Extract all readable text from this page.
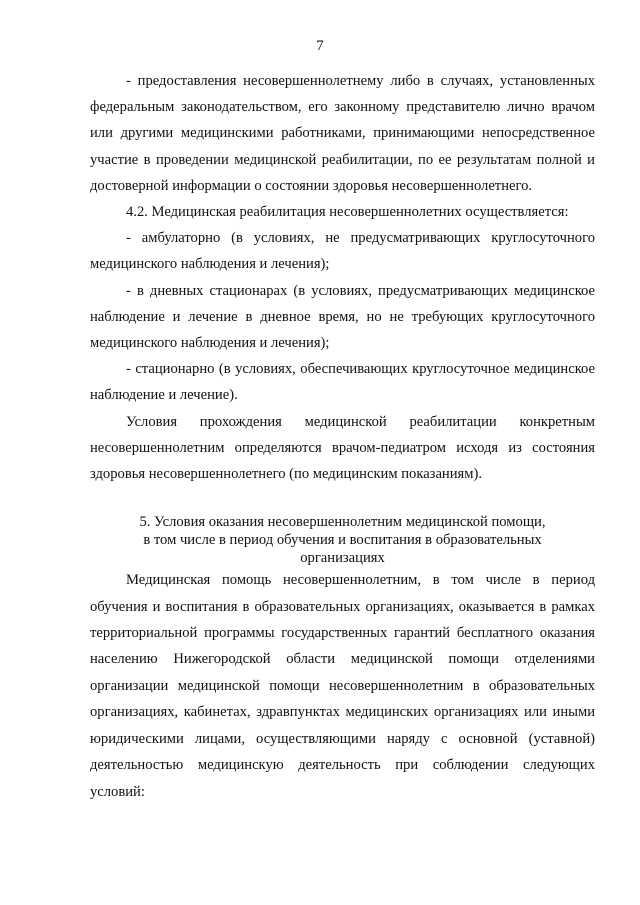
7

- предоставления несовершеннолетнему либо в случаях, установленных федеральным законодательством, его законному представителю лично врачом или другими медицинскими работниками, принимающими непосредственное участие в проведении медицинской реабилитации, по ее результатам полной и достоверной информации о состоянии здоровья несовершеннолетнего.

4.2. Медицинская реабилитация несовершеннолетних осуществляется:

- амбулаторно (в условиях, не предусматривающих круглосуточного медицинского наблюдения и лечения);

- в дневных стационарах (в условиях, предусматривающих медицинское наблюдение и лечение в дневное время, но не требующих круглосуточного медицинского наблюдения и лечения);

- стационарно (в условиях, обеспечивающих круглосуточное медицинское наблюдение и лечение).

Условия прохождения медицинской реабилитации конкретным несовершеннолетним определяются врачом-педиатром исходя из состояния здоровья несовершеннолетнего (по медицинским показаниям).

5. Условия оказания несовершеннолетним медицинской помощи,
в том числе в период обучения и воспитания в образовательных
организациях

Медицинская помощь несовершеннолетним, в том числе в период обучения и воспитания в образовательных организациях, оказывается в рамках территориальной программы государственных гарантий бесплатного оказания населению Нижегородской области медицинской помощи отделениями организации медицинской помощи несовершеннолетним в образовательных организациях, кабинетах, здравпунктах медицинских организациях или иными юридическими лицами, осуществляющими наряду с основной (уставной) деятельностью медицинскую деятельность при соблюдении следующих условий:
